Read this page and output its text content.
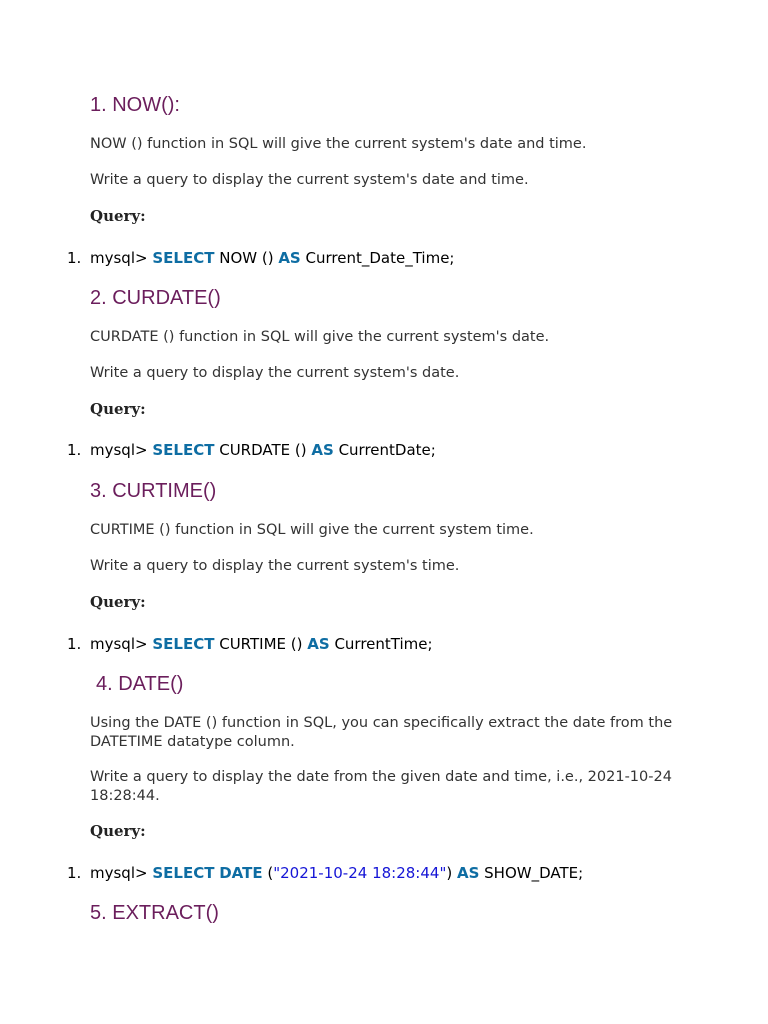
1. NOW():

NOW () function in SQL will give the current system's date and time.

Write a query to display the current system's date and time.

Query:

1. mysql> SELECT NOW () AS Current_Date_Time;
2. CURDATE()

CURDATE () function in SQL will give the current system's date.

Write a query to display the current system's date.

Query:

1. mysql> SELECT CURDATE () AS CurrentDate;
3. CURTIME()

CURTIME () function in SQL will give the current system time.

Write a query to display the current system's time.

Query:

1. mysql> SELECT CURTIME () AS CurrentTime;
4. DATE()

Using the DATE () function in SQL, you can specifically extract the date from the DATETIME datatype column.

Write a query to display the date from the given date and time, i.e., 2021-10-24 18:28:44.

Query:

1. mysql> SELECT DATE ("2021-10-24 18:28:44") AS SHOW_DATE;
5. EXTRACT()
